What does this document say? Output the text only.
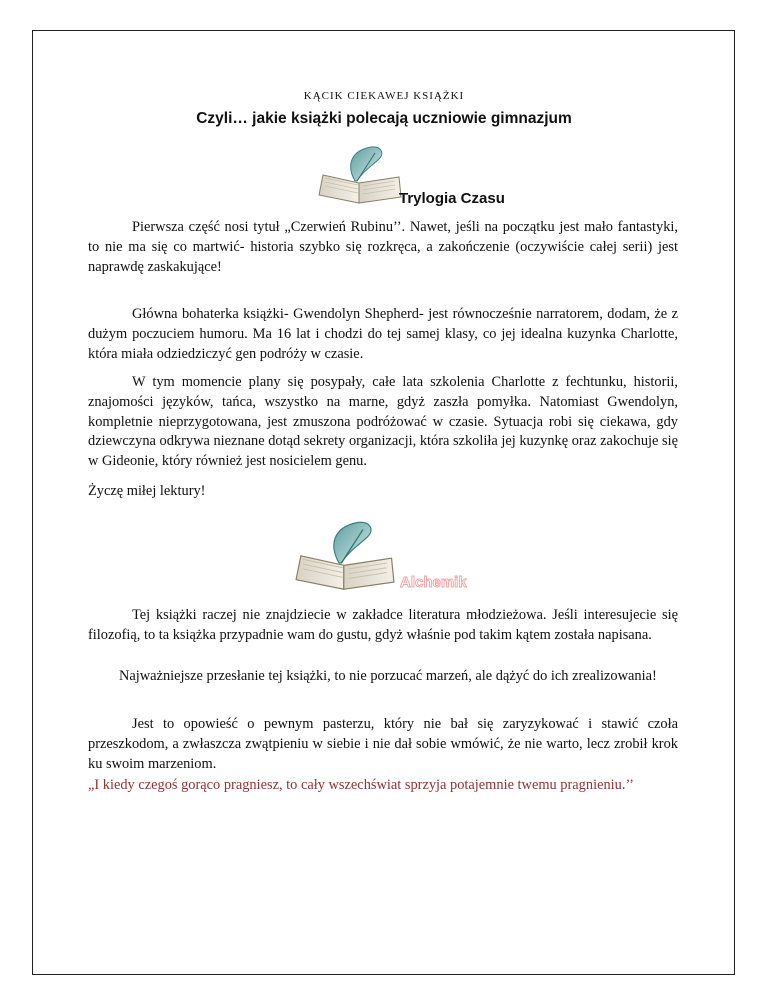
KĄCIK CIEKAWEJ KSIĄŻKI
Czyli… jakie książki polecają uczniowie gimnazjum
Trylogia Czasu

Pierwsza część nosi tytuł „Czerwień Rubinu’’. Nawet, jeśli na początku jest mało fantastyki, to nie ma się co martwić- historia szybko się rozkręca, a zakończenie (oczywiście całej serii) jest naprawdę zaskakujące!

Główna bohaterka książki- Gwendolyn Shepherd- jest równocześnie narratorem, dodam, że z dużym poczuciem humoru. Ma 16 lat i chodzi do tej samej klasy, co jej idealna kuzynka Charlotte, która miała odziedziczyć gen podróży w czasie.

W tym momencie plany się posypały, całe lata szkolenia Charlotte z fechtunku, historii, znajomości języków, tańca, wszystko na marne, gdyż zaszła pomyłka. Natomiast Gwendolyn, kompletnie nieprzygotowana, jest zmuszona podróżować w czasie. Sytuacja robi się ciekawa, gdy dziewczyna odkrywa nieznane dotąd sekrety organizacji, która szkoliła jej kuzynkę oraz zakochuje się w Gideonie, który również jest nosicielem genu.

Życzę miłej lektury!

Alchemik

Tej książki raczej nie znajdziecie w zakładce literatura młodzieżowa. Jeśli interesujecie się filozofią, to ta książka przypadnie wam do gustu, gdyż właśnie pod takim kątem została napisana.

Najważniejsze przesłanie tej książki, to nie porzucać marzeń, ale dążyć do ich zrealizowania!

Jest to opowieść o pewnym pasterzu, który nie bał się zaryzykować i stawić czoła przeszkodom, a zwłaszcza zwątpieniu w siebie i nie dał sobie wmówić, że nie warto, lecz zrobił krok ku swoim marzeniom.

„I kiedy czegoś gorąco pragniesz, to cały wszechświat sprzyja potajemnie twemu pragnieniu.’’
